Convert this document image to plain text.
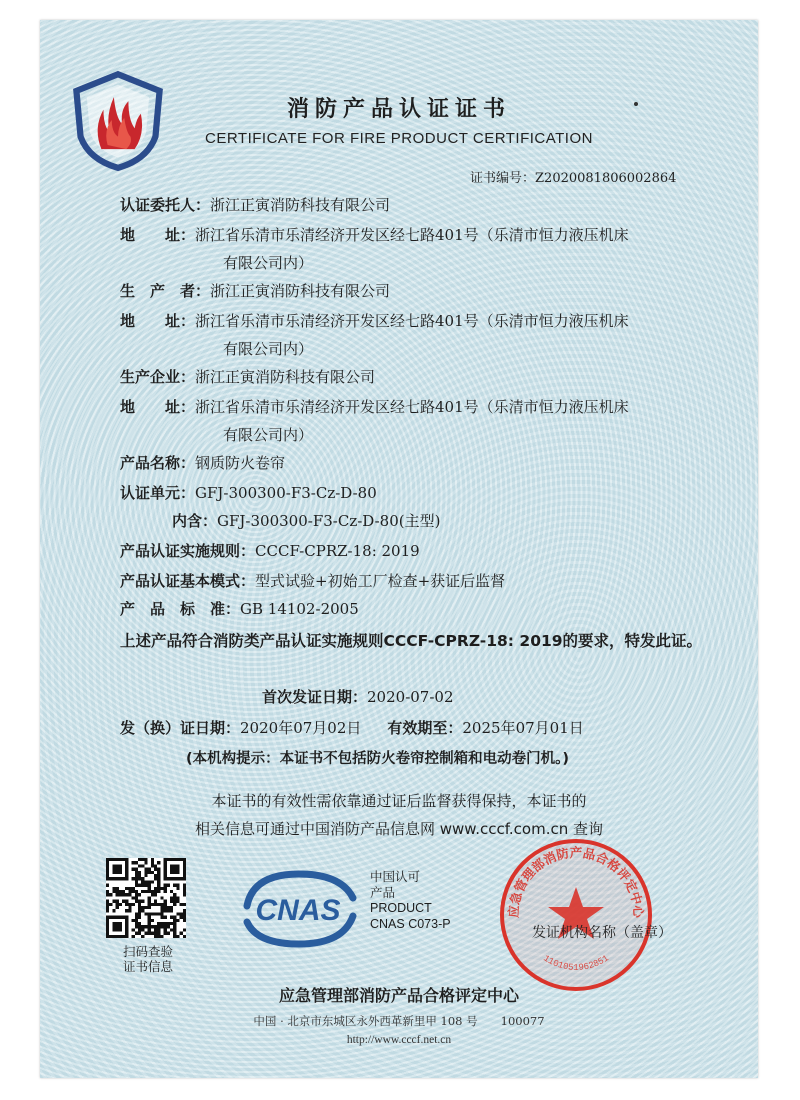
消防产品认证证书
CERTIFICATE FOR FIRE PRODUCT CERTIFICATION
证书编号：Z2020081806002864
认证委托人：浙江正寅消防科技有限公司
地　　址：浙江省乐清市乐清经济开发区经七路401号（乐清市恒力液压机床
有限公司内）
生　产　者：浙江正寅消防科技有限公司
地　　址：浙江省乐清市乐清经济开发区经七路401号（乐清市恒力液压机床
有限公司内）
生产企业：浙江正寅消防科技有限公司
地　　址：浙江省乐清市乐清经济开发区经七路401号（乐清市恒力液压机床
有限公司内）
产品名称：钢质防火卷帘
认证单元：GFJ-300300-F3-Cz-D-80
内含：GFJ-300300-F3-Cz-D-80(主型)
产品认证实施规则：CCCF-CPRZ-18: 2019
产品认证基本模式：型式试验+初始工厂检查+获证后监督
产　品　标　准：GB 14102-2005
上述产品符合消防类产品认证实施规则CCCF-CPRZ-18: 2019的要求，特发此证。
首次发证日期：2020-07-02
发（换）证日期：2020年07月02日 有效期至：2025年07月01日
(本机构提示：本证书不包括防火卷帘控制箱和电动卷门机。)
本证书的有效性需依靠通过证后监督获得保持，本证书的
相关信息可通过中国消防产品信息网 www.cccf.com.cn 查询
扫码查验证书信息
CNAS
中国认可
产品
PRODUCT
CNAS C073-P
应急管理部消防产品合格评定中心
1101051962851
发证机构名称（盖章）
应急管理部消防产品合格评定中心
中国 · 北京市东城区永外西革新里甲 108 号　　100077
http://www.cccf.net.cn
